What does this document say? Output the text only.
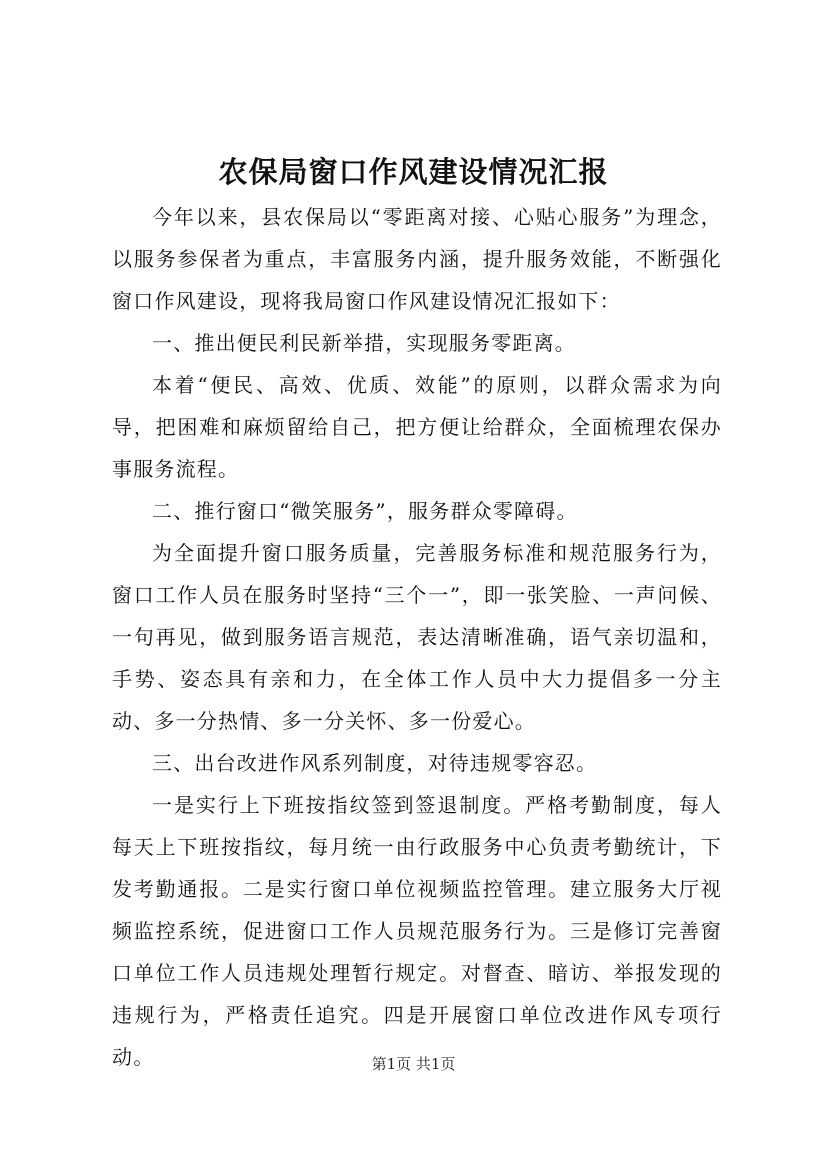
农保局窗口作风建设情况汇报

今年以来，县农保局以“零距离对接、心贴心服务”为理念，以服务参保者为重点，丰富服务内涵，提升服务效能，不断强化窗口作风建设，现将我局窗口作风建设情况汇报如下：

一、推出便民利民新举措，实现服务零距离。

本着“便民、高效、优质、效能”的原则，以群众需求为向导，把困难和麻烦留给自己，把方便让给群众，全面梳理农保办事服务流程。

二、推行窗口“微笑服务”，服务群众零障碍。

为全面提升窗口服务质量，完善服务标准和规范服务行为，窗口工作人员在服务时坚持“三个一”，即一张笑脸、一声问候、一句再见，做到服务语言规范，表达清晰准确，语气亲切温和，手势、姿态具有亲和力，在全体工作人员中大力提倡多一分主动、多一分热情、多一分关怀、多一份爱心。

三、出台改进作风系列制度，对待违规零容忍。

一是实行上下班按指纹签到签退制度。严格考勤制度，每人每天上下班按指纹，每月统一由行政服务中心负责考勤统计，下发考勤通报。二是实行窗口单位视频监控管理。建立服务大厅视频监控系统，促进窗口工作人员规范服务行为。三是修订完善窗口单位工作人员违规处理暂行规定。对督查、暗访、举报发现的违规行为，严格责任追究。四是开展窗口单位改进作风专项行动。	第1页 共1页
